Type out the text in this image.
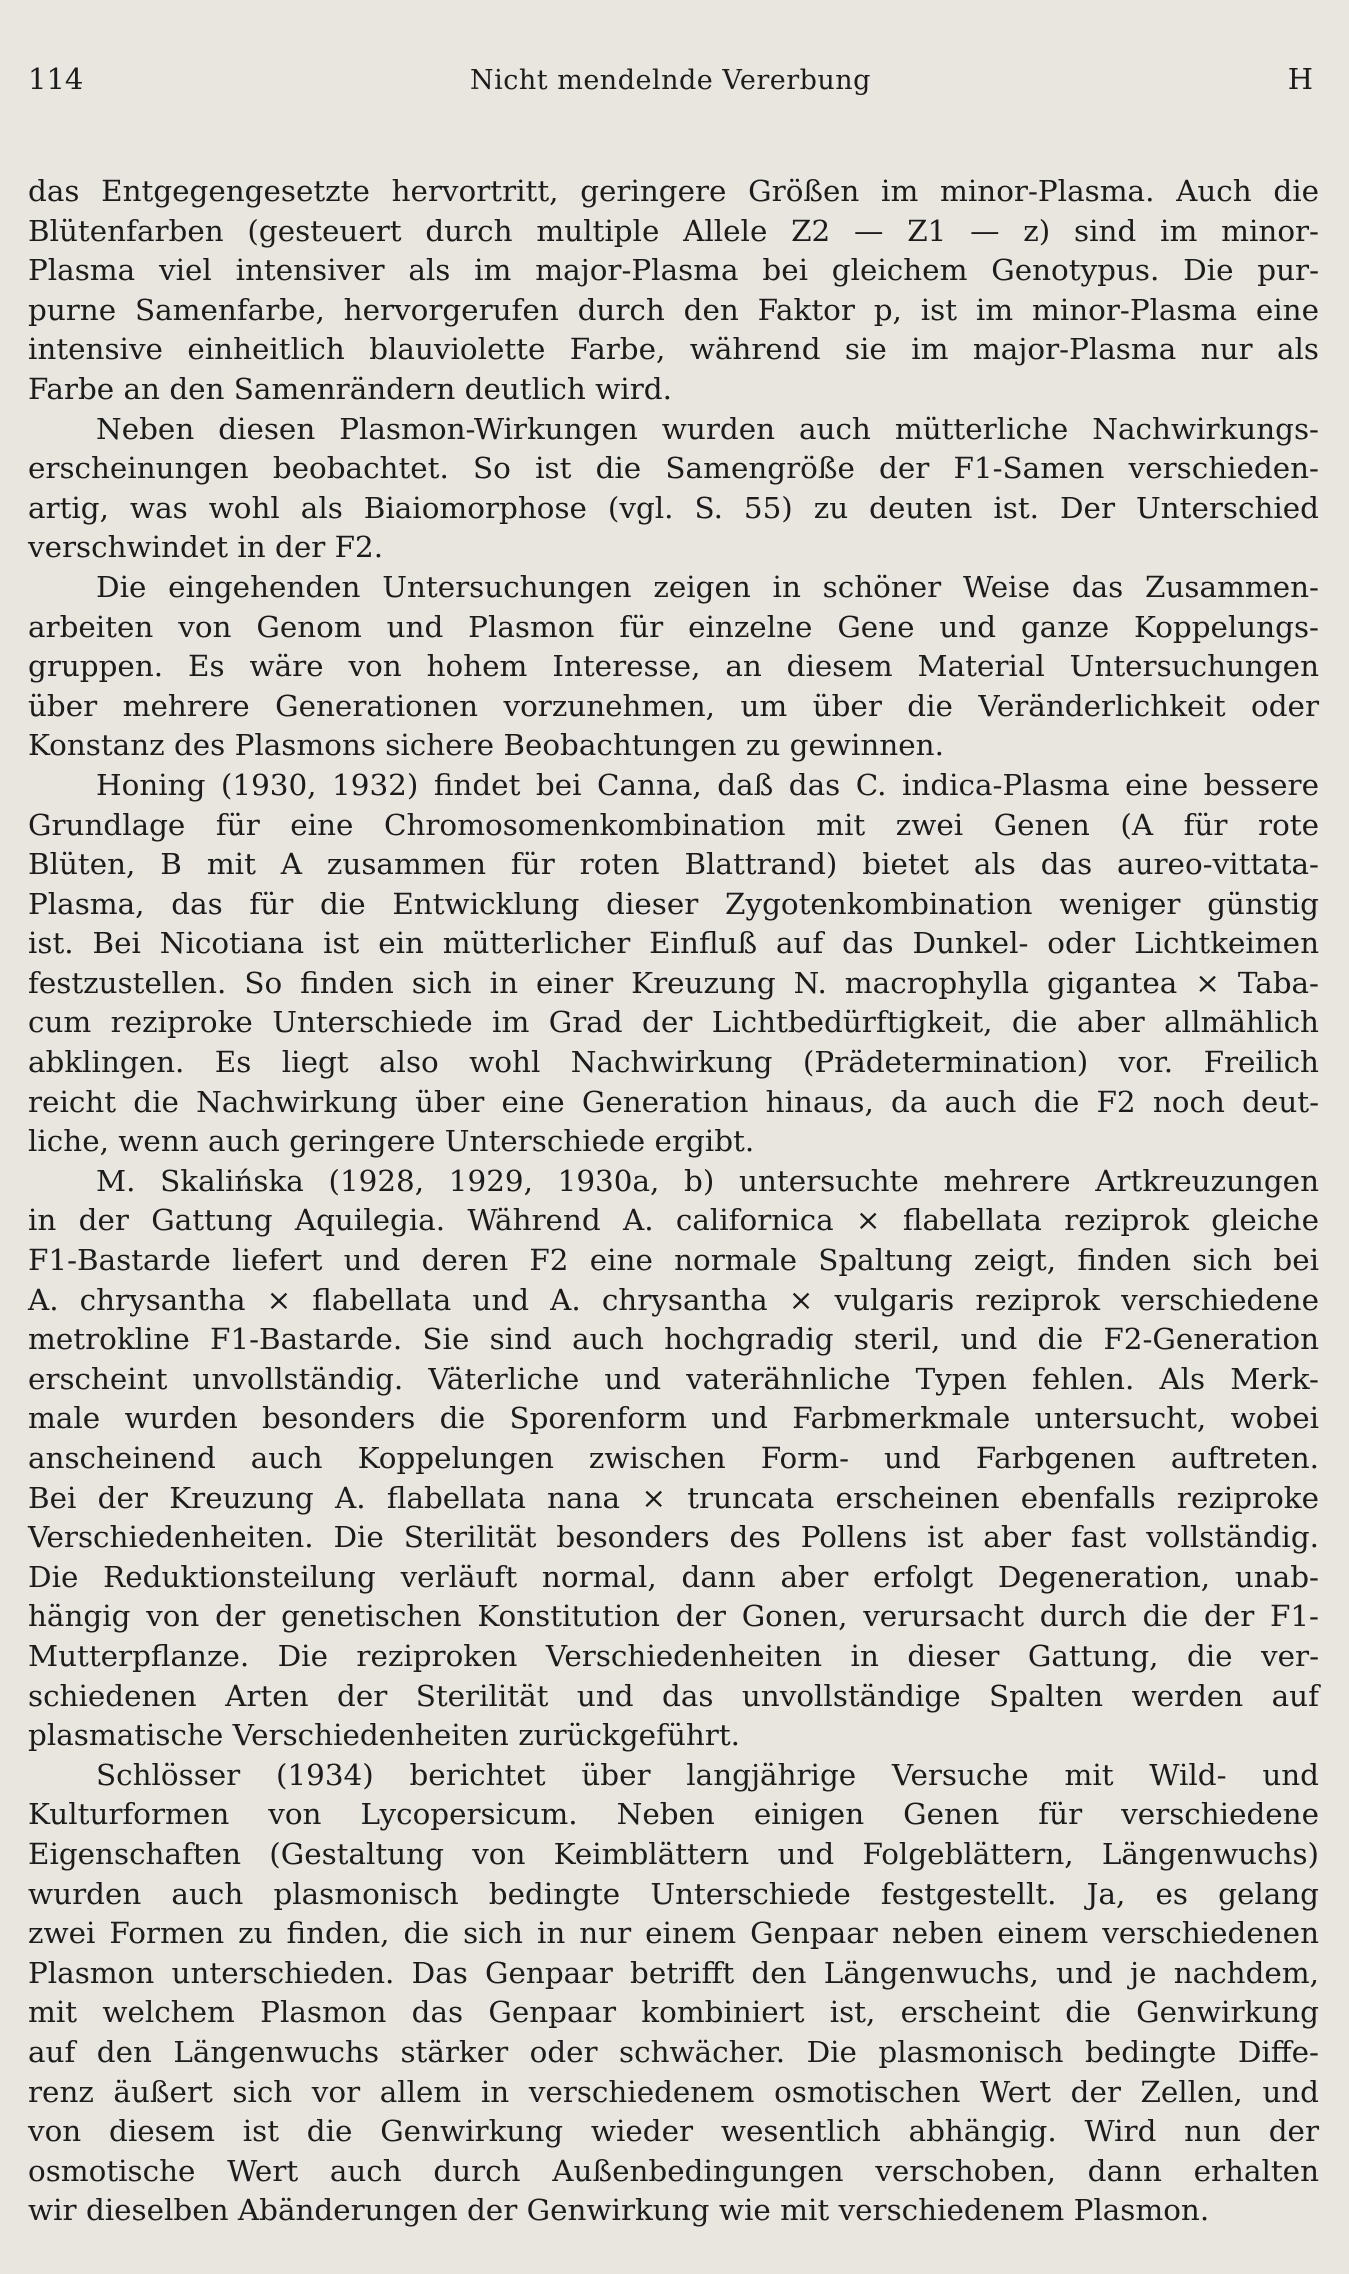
114	Nicht mendelnde Vererbung	H

das Entgegengesetzte hervortritt, geringere Größen im minor-Plasma. Auch die

Blütenfarben (gesteuert durch multiple Allele Z2 — Z1 — z) sind im minor-

Plasma viel intensiver als im major-Plasma bei gleichem Genotypus. Die pur-

purne Samenfarbe, hervorgerufen durch den Faktor p, ist im minor-Plasma eine

intensive einheitlich blauviolette Farbe, während sie im major-Plasma nur als

Farbe an den Samenrändern deutlich wird.

Neben diesen Plasmon-Wirkungen wurden auch mütterliche Nachwirkungs-

erscheinungen beobachtet. So ist die Samengröße der F1-Samen verschieden-

artig, was wohl als Biaiomorphose (vgl. S. 55) zu deuten ist. Der Unterschied

verschwindet in der F2.

Die eingehenden Untersuchungen zeigen in schöner Weise das Zusammen-

arbeiten von Genom und Plasmon für einzelne Gene und ganze Koppelungs-

gruppen. Es wäre von hohem Interesse, an diesem Material Untersuchungen

über mehrere Generationen vorzunehmen, um über die Veränderlichkeit oder

Konstanz des Plasmons sichere Beobachtungen zu gewinnen.

Honing (1930, 1932) findet bei Canna, daß das C. indica-Plasma eine bessere

Grundlage für eine Chromosomenkombination mit zwei Genen (A für rote

Blüten, B mit A zusammen für roten Blattrand) bietet als das aureo-vittata-

Plasma, das für die Entwicklung dieser Zygotenkombination weniger günstig

ist. Bei Nicotiana ist ein mütterlicher Einfluß auf das Dunkel- oder Lichtkeimen

festzustellen. So finden sich in einer Kreuzung N. macrophylla gigantea × Taba-

cum reziproke Unterschiede im Grad der Lichtbedürftigkeit, die aber allmählich

abklingen. Es liegt also wohl Nachwirkung (Prädetermination) vor. Freilich

reicht die Nachwirkung über eine Generation hinaus, da auch die F2 noch deut-

liche, wenn auch geringere Unterschiede ergibt.

M. Skalińska (1928, 1929, 1930a, b) untersuchte mehrere Artkreuzungen

in der Gattung Aquilegia. Während A. californica × flabellata reziprok gleiche

F1-Bastarde liefert und deren F2 eine normale Spaltung zeigt, finden sich bei

A. chrysantha × flabellata und A. chrysantha × vulgaris reziprok verschiedene

metrokline F1-Bastarde. Sie sind auch hochgradig steril, und die F2-Generation

erscheint unvollständig. Väterliche und vaterähnliche Typen fehlen. Als Merk-

male wurden besonders die Sporenform und Farbmerkmale untersucht, wobei

anscheinend auch Koppelungen zwischen Form- und Farbgenen auftreten.

Bei der Kreuzung A. flabellata nana × truncata erscheinen ebenfalls reziproke

Verschiedenheiten. Die Sterilität besonders des Pollens ist aber fast vollständig.

Die Reduktionsteilung verläuft normal, dann aber erfolgt Degeneration, unab-

hängig von der genetischen Konstitution der Gonen, verursacht durch die der F1-

Mutterpflanze. Die reziproken Verschiedenheiten in dieser Gattung, die ver-

schiedenen Arten der Sterilität und das unvollständige Spalten werden auf

plasmatische Verschiedenheiten zurückgeführt.

Schlösser (1934) berichtet über langjährige Versuche mit Wild- und

Kulturformen von Lycopersicum. Neben einigen Genen für verschiedene

Eigenschaften (Gestaltung von Keimblättern und Folgeblättern, Längenwuchs)

wurden auch plasmonisch bedingte Unterschiede festgestellt. Ja, es gelang

zwei Formen zu finden, die sich in nur einem Genpaar neben einem verschiedenen

Plasmon unterschieden. Das Genpaar betrifft den Längenwuchs, und je nachdem,

mit welchem Plasmon das Genpaar kombiniert ist, erscheint die Genwirkung

auf den Längenwuchs stärker oder schwächer. Die plasmonisch bedingte Diffe-

renz äußert sich vor allem in verschiedenem osmotischen Wert der Zellen, und

von diesem ist die Genwirkung wieder wesentlich abhängig. Wird nun der

osmotische Wert auch durch Außenbedingungen verschoben, dann erhalten

wir dieselben Abänderungen der Genwirkung wie mit verschiedenem Plasmon.
